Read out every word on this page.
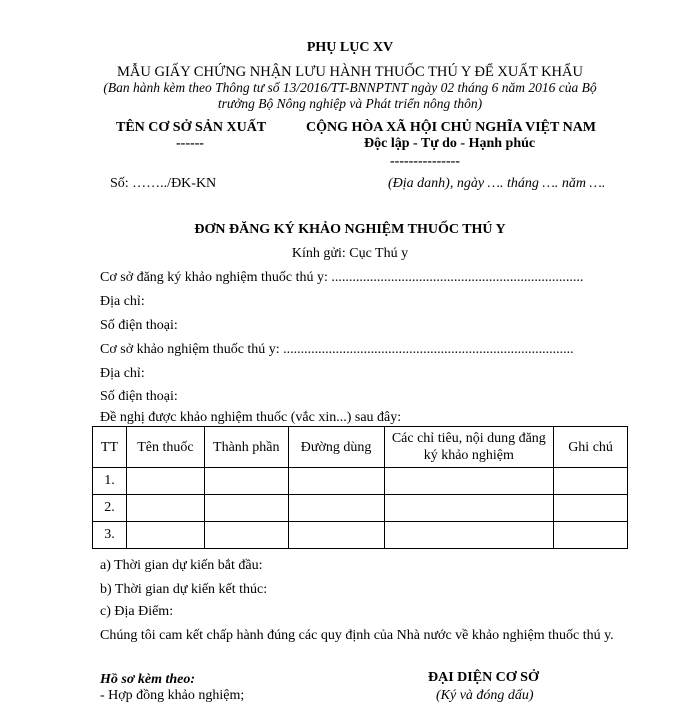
PHỤ LỤC XV
MẪU GIẤY CHỨNG NHẬN LƯU HÀNH THUỐC THÚ Y ĐỂ XUẤT KHẨU
(Ban hành kèm theo Thông tư số 13/2016/TT-BNNPTNT ngày 02 tháng 6 năm 2016 của Bộ
trưởng Bộ Nông nghiệp và Phát triển nông thôn)
TÊN CƠ SỞ SẢN XUẤT
------
Số: ……../ĐK-KN
CỘNG HÒA XÃ HỘI CHỦ NGHĨA VIỆT NAM
Độc lập - Tự do - Hạnh phúc
---------------
(Địa danh), ngày …. tháng …. năm ….
ĐƠN ĐĂNG KÝ KHẢO NGHIỆM THUỐC THÚ Y
Kính gửi: Cục Thú y
Cơ sở đăng ký khảo nghiệm thuốc thú y: ........................................................................
Địa chỉ:
Số điện thoại:
Cơ sở khảo nghiệm thuốc thú y: ...................................................................................
Địa chỉ:
Số điện thoại:
Đề nghị được khảo nghiệm thuốc (vắc xin...) sau đây:
TT	Tên thuốc	Thành phần	Đường dùng	Các chỉ tiêu, nội dung đăng ký khảo nghiệm	Ghi chú
1.					
2.					
3.					
a) Thời gian dự kiến bắt đầu:
b) Thời gian dự kiến kết thúc:
c) Địa Điểm:
Chúng tôi cam kết chấp hành đúng các quy định của Nhà nước về khảo nghiệm thuốc thú y.
Hồ sơ kèm theo:
- Hợp đồng khảo nghiệm;
ĐẠI DIỆN CƠ SỞ
(Ký và đóng dấu)
